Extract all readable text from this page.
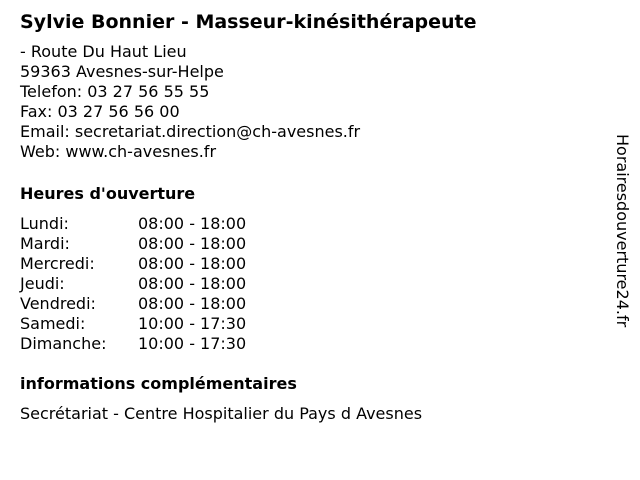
Sylvie Bonnier - Masseur-kinésithérapeute
- Route Du Haut Lieu
59363 Avesnes-sur-Helpe
Telefon: 03 27 56 55 55
Fax: 03 27 56 56 00
Email: secretariat.direction@ch-avesnes.fr
Web: www.ch-avesnes.fr
Heures d'ouverture
Lundi:	08:00 - 18:00
Mardi:	08:00 - 18:00
Mercredi:	08:00 - 18:00
Jeudi:	08:00 - 18:00
Vendredi:	08:00 - 18:00
Samedi:	10:00 - 17:30
Dimanche: 10:00 - 17:30
informations complémentaires
Secrétariat - Centre Hospitalier du Pays d Avesnes
Horairesdouverture24.fr
